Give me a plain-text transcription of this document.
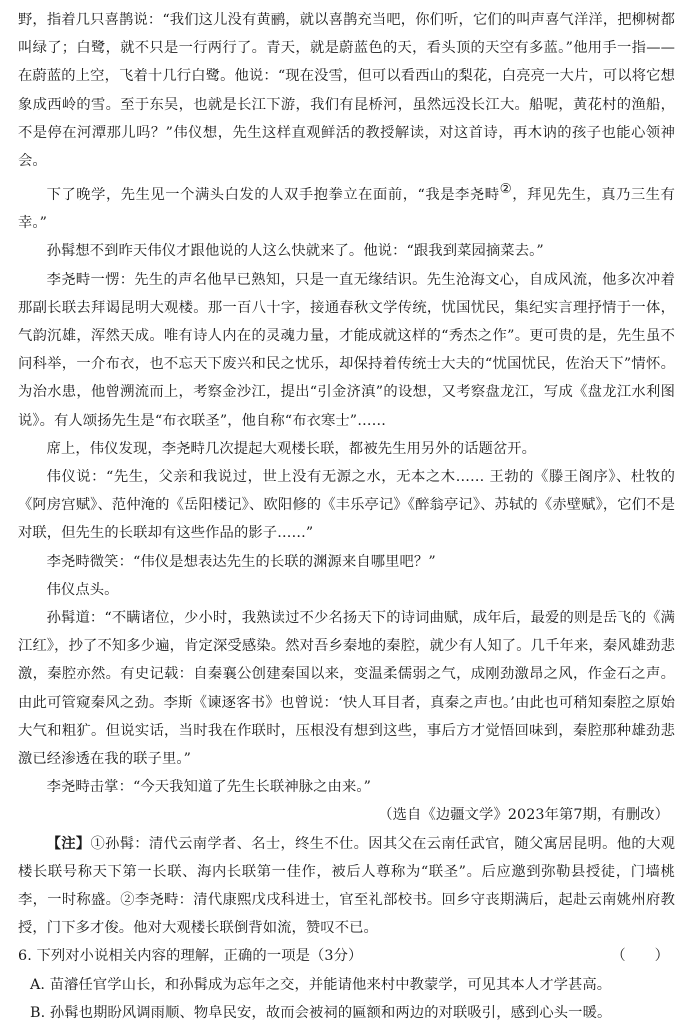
野，指着几只喜鹊说：“我们这儿没有黄鹂，就以喜鹊充当吧，你们听，它们的叫声喜气洋洋，把柳树都叫绿了；白鹭，就不只是一行两行了。青天，就是蔚蓝色的天，看头顶的天空有多蓝。”他用手一指——在蔚蓝的上空，飞着十几行白鹭。他说：“现在没雪，但可以看西山的梨花，白亮亮一大片，可以将它想象成西岭的雪。至于东吴，也就是长江下游，我们有昆桥河，虽然远没长江大。船呢，黄花村的渔船，不是停在河潭那儿吗？”伟仪想，先生这样直观鲜活的教授解读，对这首诗，再木讷的孩子也能心领神会。

下了晚学，先生见一个满头白发的人双手抱拳立在面前，“我是李尧畤②，拜见先生，真乃三生有幸。”

孙髯想不到昨天伟仪才跟他说的人这么快就来了。他说：“跟我到菜园摘菜去。”

李尧畤一愣：先生的声名他早已熟知，只是一直无缘结识。先生沧海文心，自成风流，他多次冲着那副长联去拜谒昆明大观楼。那一百八十字，接通春秋文学传统，忧国忧民，集纪实言理抒情于一体，气韵沉雄，浑然天成。唯有诗人内在的灵魂力量，才能成就这样的“秀杰之作”。更可贵的是，先生虽不问科举，一介布衣，也不忘天下废兴和民之忧乐，却保持着传统士大夫的“忧国忧民，佐治天下”情怀。为治水患，他曾溯流而上，考察金沙江，提出“引金济滇”的设想，又考察盘龙江，写成《盘龙江水利图说》。有人颂扬先生是“布衣联圣”，他自称“布衣寒士”……

席上，伟仪发现，李尧畤几次提起大观楼长联，都被先生用另外的话题岔开。

伟仪说：“先生，父亲和我说过，世上没有无源之水，无本之木…… 王勃的《滕王阁序》、杜牧的《阿房宫赋》、范仲淹的《岳阳楼记》、欧阳修的《丰乐亭记》《醉翁亭记》、苏轼的《赤壁赋》，它们不是对联，但先生的长联却有这些作品的影子……”

李尧畤微笑：“伟仪是想表达先生的长联的渊源来自哪里吧？”

伟仪点头。

孙髯道：“不瞒诸位，少小时，我熟读过不少名扬天下的诗词曲赋，成年后，最爱的则是岳飞的《满江红》，抄了不知多少遍，肯定深受感染。然对吾乡秦地的秦腔，就少有人知了。几千年来，秦风雄劲悲激，秦腔亦然。有史记载：自秦襄公创建秦国以来，变温柔儒弱之气，成刚劲激昂之风，作金石之声。由此可管窥秦风之劲。李斯《谏逐客书》也曾说：‘快人耳目者，真秦之声也。’由此也可稍知秦腔之原始大气和粗犷。但说实话，当时我在作联时，压根没有想到这些，事后方才觉悟回味到，秦腔那种雄劲悲激已经渗透在我的联子里。”

李尧畤击掌：“今天我知道了先生长联神脉之由来。”

（选自《边疆文学》2023年第7期，有删改）

【注】①孙髯：清代云南学者、名士，终生不仕。因其父在云南任武官，随父寓居昆明。他的大观楼长联号称天下第一长联、海内长联第一佳作，被后人尊称为“联圣”。后应邀到弥勒县授徒，门墙桃李，一时称盛。②李尧畤：清代康熙戊戌科进士，官至礼部校书。回乡守丧期满后，起赴云南姚州府教授，门下多才俊。他对大观楼长联倒背如流，赞叹不已。

6. 下列对小说相关内容的理解，正确的一项是（3分）	（　　）

A. 苗濬任官学山长，和孙髯成为忘年之交，并能请他来村中教蒙学，可见其本人才学甚高。

B. 孙髯也期盼风调雨顺、物阜民安，故而会被祠的匾额和两边的对联吸引，感到心头一暖。
